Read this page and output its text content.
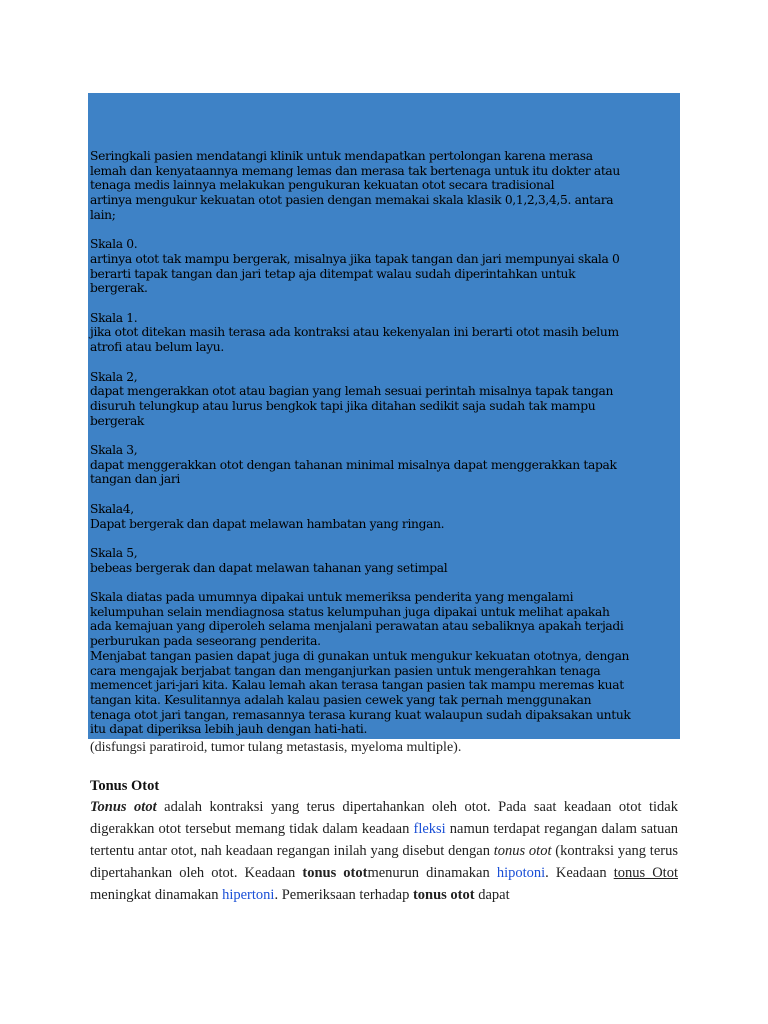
Seringkali pasien mendatangi klinik untuk mendapatkan pertolongan karena merasa
lemah dan kenyataannya memang lemas dan merasa tak bertenaga untuk itu dokter atau
tenaga medis lainnya melakukan pengukuran kekuatan otot secara tradisional
artinya mengukur kekuatan otot pasien dengan memakai skala klasik 0,1,2,3,4,5. antara
lain;

Skala 0.
artinya otot tak mampu bergerak, misalnya jika tapak tangan dan jari mempunyai skala 0
berarti tapak tangan dan jari tetap aja ditempat walau sudah diperintahkan untuk
bergerak.

Skala 1.
jika otot ditekan masih terasa ada kontraksi atau kekenyalan ini berarti otot masih belum
atrofi atau belum layu.

Skala 2,
dapat mengerakkan otot atau bagian yang lemah sesuai perintah misalnya tapak tangan
disuruh telungkup atau lurus bengkok tapi jika ditahan sedikit saja sudah tak mampu
bergerak

Skala 3,
dapat menggerakkan otot dengan tahanan minimal misalnya dapat menggerakkan tapak
tangan dan jari

Skala4,
Dapat bergerak dan dapat melawan hambatan yang ringan.

Skala 5,
bebeas bergerak dan dapat melawan tahanan yang setimpal

Skala diatas pada umumnya dipakai untuk memeriksa penderita yang mengalami
kelumpuhan selain mendiagnosa status kelumpuhan juga dipakai untuk melihat apakah
ada kemajuan yang diperoleh selama menjalani perawatan atau sebaliknya apakah terjadi
perburukan pada seseorang penderita.

Menjabat tangan pasien dapat juga di gunakan untuk mengukur kekuatan ototnya, dengan
cara mengajak berjabat tangan dan menganjurkan pasien untuk mengerahkan tenaga
memencet jari-jari kita. Kalau lemah akan terasa tangan pasien tak mampu meremas kuat
tangan kita. Kesulitannya adalah kalau pasien cewek yang tak pernah menggunakan
tenaga otot jari tangan, remasannya terasa kurang kuat walaupun sudah dipaksakan untuk
itu dapat diperiksa lebih jauh dengan hati-hati.

(disfungsi paratiroid, tumor tulang metastasis, myeloma multiple).
Tonus Otot
Tonus otot adalah kontraksi yang terus dipertahankan oleh otot. Pada saat keadaan otot tidak digerakkan otot tersebut memang tidak dalam keadaan fleksi namun terdapat regangan dalam satuan tertentu antar otot, nah keadaan regangan inilah yang disebut dengan tonus otot (kontraksi yang terus dipertahankan oleh otot. Keadaan tonus ototmenurun dinamakan hipotoni. Keadaan tonus Otot meningkat dinamakan hipertoni. Pemeriksaan terhadap tonus otot dapat
